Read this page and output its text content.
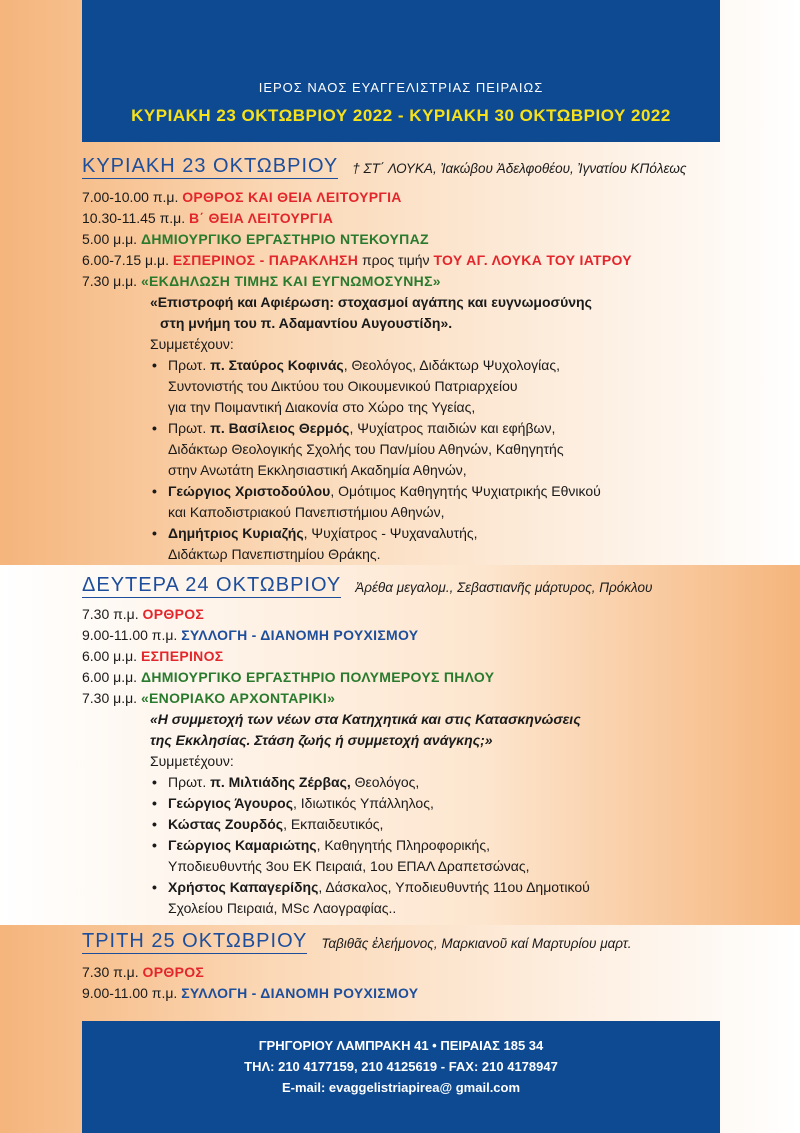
ΙΕΡΟΣ ΝΑΟΣ ΕΥΑΓΓΕΛΙΣΤΡΙΑΣ ΠΕΙΡΑΙΩΣ
ΚΥΡΙΑΚΗ 23 ΟΚΤΩΒΡΙΟΥ 2022 - ΚΥΡΙΑΚΗ 30 ΟΚΤΩΒΡΙΟΥ 2022
ΚΥΡΙΑΚΗ 23 ΟΚΤΩΒΡΙΟΥ † ΣΤ΄ ΛΟΥΚΑ, Ἰακώβου Ἀδελφοθέου, Ἰγνατίου ΚΠόλεως
7.00-10.00 π.μ. ΟΡΘΡΟΣ ΚΑΙ ΘΕΙΑ ΛΕΙΤΟΥΡΓΙΑ
10.30-11.45 π.μ. Β΄ ΘΕΙΑ ΛΕΙΤΟΥΡΓΙΑ
5.00 μ.μ. ΔΗΜΙΟΥΡΓΙΚΟ ΕΡΓΑΣΤΗΡΙΟ ΝΤΕΚΟΥΠΑΖ
6.00-7.15 μ.μ. ΕΣΠΕΡΙΝΟΣ - ΠΑΡΑΚΛΗΣΗ προς τιμήν ΤΟΥ ΑΓ. ΛΟΥΚΑ ΤΟΥ ΙΑΤΡΟΥ
7.30 μ.μ. «ΕΚΔΗΛΩΣΗ ΤΙΜΗΣ ΚΑΙ ΕΥΓΝΩΜΟΣΥΝΗΣ»
«Επιστροφή και Αφιέρωση: στοχασμοί αγάπης και ευγνωμοσύνης
στη μνήμη του π. Αδαμαντίου Αυγουστίδη».
Συμμετέχουν:
• Πρωτ. π. Σταύρος Κοφινάς, Θεολόγος, Διδάκτωρ Ψυχολογίας,
Συντονιστής του Δικτύου του Οικουμενικού Πατριαρχείου
για την Ποιμαντική Διακονία στο Χώρο της Υγείας,
• Πρωτ. π. Βασίλειος Θερμός, Ψυχίατρος παιδιών και εφήβων,
Διδάκτωρ Θεολογικής Σχολής του Παν/μίου Αθηνών, Καθηγητής
στην Ανωτάτη Εκκλησιαστική Ακαδημία Αθηνών,
• Γεώργιος Χριστοδούλου, Ομότιμος Καθηγητής Ψυχιατρικής Εθνικού
και Καποδιστριακού Πανεπιστήμιου Αθηνών,
• Δημήτριος Κυριαζής, Ψυχίατρος - Ψυχαναλυτής,
Διδάκτωρ Πανεπιστημίου Θράκης.
ΔΕΥΤΕΡΑ 24 ΟΚΤΩΒΡΙΟΥ Ἀρέθα μεγαλομ., Σεβαστιανῆς μάρτυρος, Πρόκλου
7.30 π.μ. ΟΡΘΡΟΣ
9.00-11.00 π.μ. ΣΥΛΛΟΓΗ - ΔΙΑΝΟΜΗ ΡΟΥΧΙΣΜΟΥ
6.00 μ.μ. ΕΣΠΕΡΙΝΟΣ
6.00 μ.μ. ΔΗΜΙΟΥΡΓΙΚΟ ΕΡΓΑΣΤΗΡΙΟ ΠΟΛΥΜΕΡΟΥΣ ΠΗΛΟΥ
7.30 μ.μ. «ΕΝΟΡΙΑΚΟ ΑΡΧΟΝΤΑΡΙΚΙ»
«Η συμμετοχή των νέων στα Κατηχητικά και στις Κατασκηνώσεις
της Εκκλησίας. Στάση ζωής ή συμμετοχή ανάγκης;»
Συμμετέχουν:
• Πρωτ. π. Μιλτιάδης Ζέρβας, Θεολόγος,
• Γεώργιος Άγουρος, Ιδιωτικός Υπάλληλος,
• Κώστας Ζουρδός, Εκπαιδευτικός,
• Γεώργιος Καμαριώτης, Καθηγητής Πληροφορικής,
Υποδιευθυντής 3ου ΕΚ Πειραιά, 1ου ΕΠΑΛ Δραπετσώνας,
• Χρήστος Καπαγερίδης, Δάσκαλος, Υποδιευθυντής 11ου Δημοτικού
Σχολείου Πειραιά, MSc Λαογραφίας..
ΤΡΙΤΗ 25 ΟΚΤΩΒΡΙΟΥ Ταβιθᾶς ἐλεήμονος, Μαρκιανοῦ καί Μαρτυρίου μαρτ.
7.30 π.μ. ΟΡΘΡΟΣ
9.00-11.00 π.μ. ΣΥΛΛΟΓΗ - ΔΙΑΝΟΜΗ ΡΟΥΧΙΣΜΟΥ
ΓΡΗΓΟΡΙΟΥ ΛΑΜΠΡΑΚΗ 41 • ΠΕΙΡΑΙΑΣ 185 34
ΤΗΛ: 210 4177159, 210 4125619 - FAX: 210 4178947
E-mail: evaggelistriapirea@ gmail.com
